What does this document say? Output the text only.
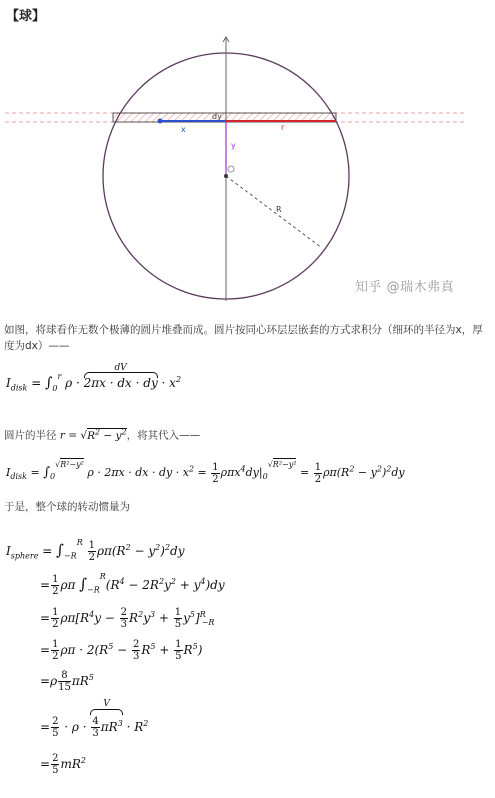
【球】
dy
x	r
y
R
知乎 @瑞木弗真
如图，将球看作无数个极薄的圆片堆叠而成。圆片按同心环层层嵌套的方式求积分（细环的半径为x，厚度为dx）——
$I_{disk} = \int_0^r$ ρ ·
dV
2πx · dx · dy · $x^2$
圆片的半径 $r = √R^2 - y^2$，将其代入——
$I_{disk} = \int_0^{√R^2-y^2}$ ρ · 2πx · dx · dy · $x^2 = \frac{1}{2} \rho\pi x^4dy|_0^{√R^2-y^2} = \frac{1}{2} \rho\pi(R^2 - y^2)^2dy$
于是，整个球的转动惯量为
$I_{sphere} = \int_{-R}^R \frac{1}{2} \rho\pi(R^2 - y^2)^2dy$
= $\frac{1}{2}$ ρπ $\int_{-R}^R(R^4 - 2R^2y^2 + y^4)dy$
= $\frac{1}{2} \rho\pi[R^4y - \frac{2}{3} R^2y^3 + \frac{1}{5} y^5]^R_{-R}$
= $\frac{1}{2}$ $\rho\pi \cdot 2(R^5 - \frac{2}{3} R^5 + \frac{1}{5} R^5)$
$=\rho \frac{8}{15} \pi R^5$
= $\frac{2}{5} \cdot \rho$ ·
V
$\frac{4}{3} \pi R^3 \cdot R^2$
= $\frac{2}{5} mR^2$
